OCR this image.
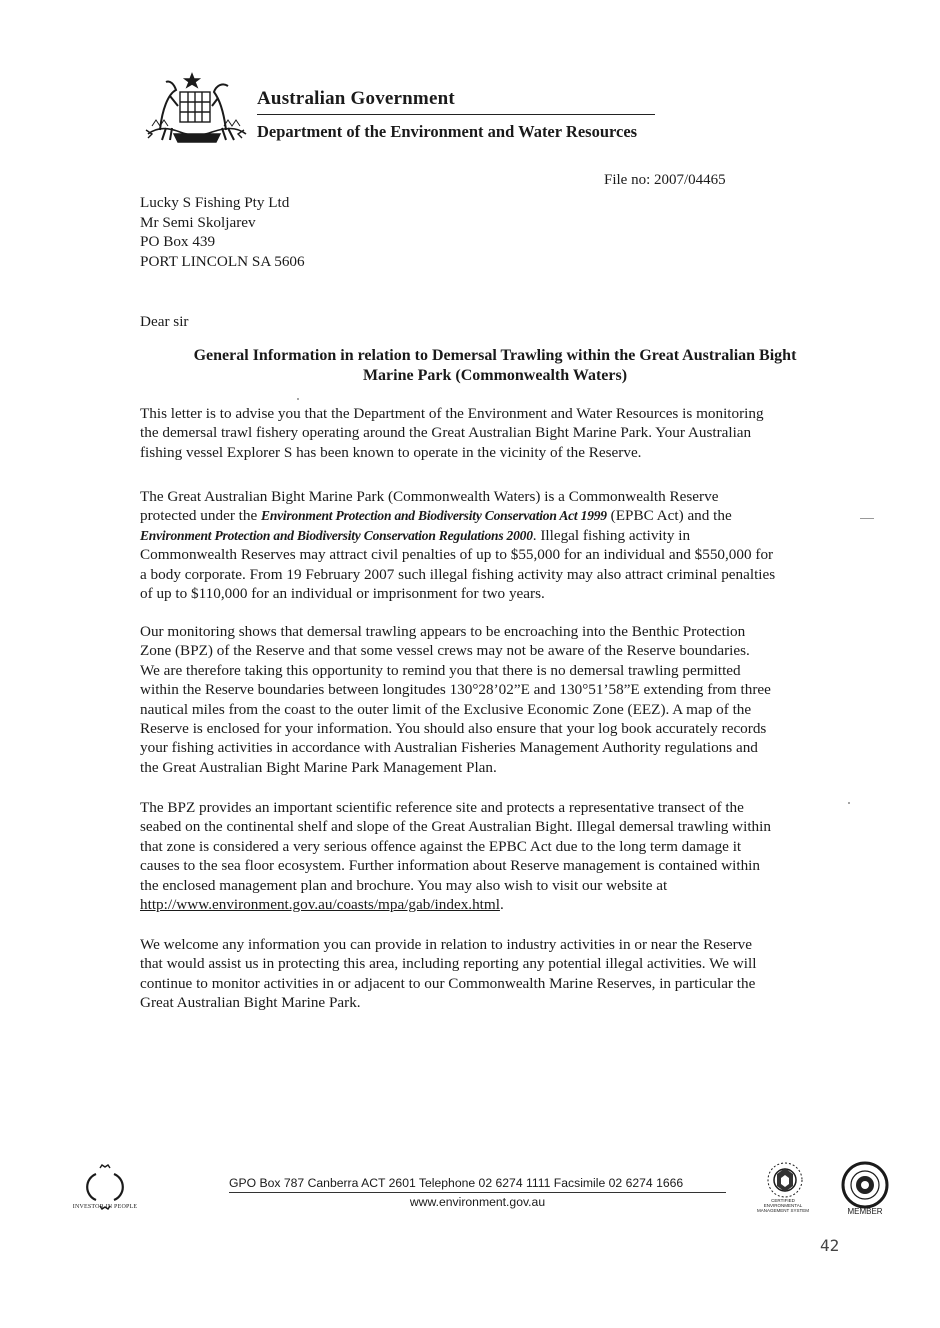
Australian Government
Department of the Environment and Water Resources
File no: 2007/04465
Lucky S Fishing Pty Ltd
Mr Semi Skoljarev
PO Box 439
PORT LINCOLN SA 5606
Dear sir
General Information in relation to Demersal Trawling within the Great Australian Bight
Marine Park (Commonwealth Waters)
This letter is to advise you that the Department of the Environment and Water Resources is monitoring
the demersal trawl fishery operating around the Great Australian Bight Marine Park. Your Australian
fishing vessel Explorer S has been known to operate in the vicinity of the Reserve.
The Great Australian Bight Marine Park (Commonwealth Waters) is a Commonwealth Reserve
protected under the Environment Protection and Biodiversity Conservation Act 1999 (EPBC Act) and the
Environment Protection and Biodiversity Conservation Regulations 2000. Illegal fishing activity in
Commonwealth Reserves may attract civil penalties of up to $55,000 for an individual and $550,000 for
a body corporate. From 19 February 2007 such illegal fishing activity may also attract criminal penalties
of up to $110,000 for an individual or imprisonment for two years.
Our monitoring shows that demersal trawling appears to be encroaching into the Benthic Protection
Zone (BPZ) of the Reserve and that some vessel crews may not be aware of the Reserve boundaries.
We are therefore taking this opportunity to remind you that there is no demersal trawling permitted
within the Reserve boundaries between longitudes 130°28’02”E and 130°51’58”E extending from three
nautical miles from the coast to the outer limit of the Exclusive Economic Zone (EEZ). A map of the
Reserve is enclosed for your information. You should also ensure that your log book accurately records
your fishing activities in accordance with Australian Fisheries Management Authority regulations and
the Great Australian Bight Marine Park Management Plan.
The BPZ provides an important scientific reference site and protects a representative transect of the
seabed on the continental shelf and slope of the Great Australian Bight. Illegal demersal trawling within
that zone is considered a very serious offence against the EPBC Act due to the long term damage it
causes to the sea floor ecosystem. Further information about Reserve management is contained within
the enclosed management plan and brochure. You may also wish to visit our website at
http://www.environment.gov.au/coasts/mpa/gab/index.html.
We welcome any information you can provide in relation to industry activities in or near the Reserve
that would assist us in protecting this area, including reporting any potential illegal activities. We will
continue to monitor activities in or adjacent to our Commonwealth Marine Reserves, in particular the
Great Australian Bight Marine Park.
INVESTOR IN PEOPLE
GPO Box 787 Canberra ACT 2601 Telephone 02 6274 1111 Facsimile 02 6274 1666
www.environment.gov.au	CERTIFIED
ENVIRONMENTAL
MANAGEMENT SYSTEM	MEMBER
42
